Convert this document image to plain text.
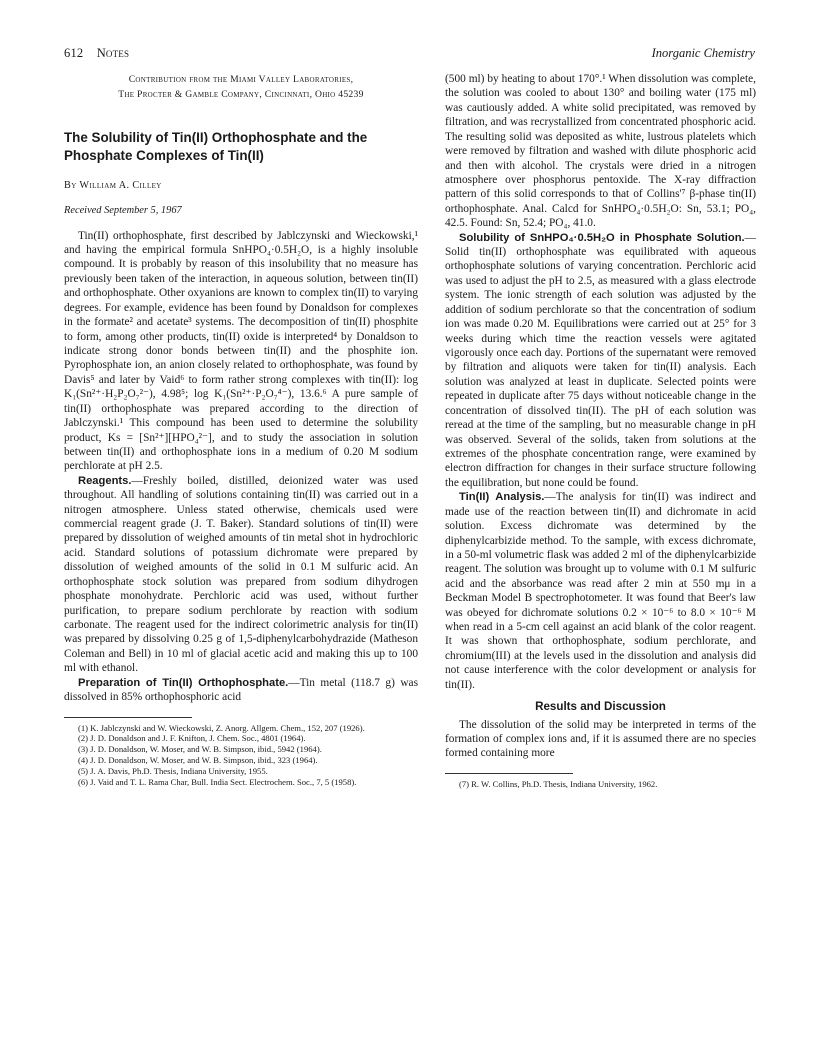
612 Notes	Inorganic Chemistry

Contribution from the Miami Valley Laboratories,

The Procter & Gamble Company, Cincinnati, Ohio 45239

The Solubility of Tin(II) Orthophosphate and the Phosphate Complexes of Tin(II)

By William A. Cilley

Received September 5, 1967

Tin(II) orthophosphate, first described by Jablczynski and Wieckowski,¹ and having the empirical formula SnHPO₄·0.5H₂O, is a highly insoluble compound. It is probably by reason of this insolubility that no measure has previously been taken of the interaction, in aqueous solution, between tin(II) and orthophosphate. Other oxyanions are known to complex tin(II) to varying degrees. For example, evidence has been found by Donaldson for complexes in the formate² and acetate³ systems. The decomposition of tin(II) phosphite to form, among other products, tin(II) oxide is interpreted⁴ by Donaldson to indicate strong donor bonds between tin(II) and the phosphite ion. Pyrophosphate ion, an anion closely related to orthophosphate, was found by Davis⁵ and later by Vaid⁶ to form rather strong complexes with tin(II): log K₁(Sn²⁺·H₂P₂O₇²⁻), 4.98⁵; log K₁(Sn²⁺·P₂O₇⁴⁻), 13.6.⁶ A pure sample of tin(II) orthophosphate was prepared according to the direction of Jablczynski.¹ This compound has been used to determine the solubility product, Ks = [Sn²⁺][HPO₄²⁻], and to study the association in solution between tin(II) and orthophosphate ions in a medium of 0.20 M sodium perchlorate at pH 2.5.

Reagents.—Freshly boiled, distilled, deionized water was used throughout. All handling of solutions containing tin(II) was carried out in a nitrogen atmosphere. Unless stated otherwise, chemicals used were commercial reagent grade (J. T. Baker). Standard solutions of tin(II) were prepared by dissolution of weighed amounts of tin metal shot in hydrochloric acid. Standard solutions of potassium dichromate were prepared by dissolution of weighed amounts of the solid in 0.1 M sulfuric acid. An orthophosphate stock solution was prepared from sodium dihydrogen phosphate monohydrate. Perchloric acid was used, without further purification, to prepare sodium perchlorate by reaction with sodium carbonate. The reagent used for the indirect colorimetric analysis for tin(II) was prepared by dissolving 0.25 g of 1,5-diphenylcarbohydrazide (Matheson Coleman and Bell) in 10 ml of glacial acetic acid and making this up to 100 ml with ethanol.

Preparation of Tin(II) Orthophosphate.—Tin metal (118.7 g) was dissolved in 85% orthophosphoric acid

(1) K. Jablczynski and W. Wieckowski, Z. Anorg. Allgem. Chem., 152, 207 (1926).

(2) J. D. Donaldson and J. F. Knifton, J. Chem. Soc., 4801 (1964).

(3) J. D. Donaldson, W. Moser, and W. B. Simpson, ibid., 5942 (1964).

(4) J. D. Donaldson, W. Moser, and W. B. Simpson, ibid., 323 (1964).

(5) J. A. Davis, Ph.D. Thesis, Indiana University, 1955.

(6) J. Vaid and T. L. Rama Char, Bull. India Sect. Electrochem. Soc., 7, 5 (1958).

(500 ml) by heating to about 170°.¹ When dissolution was complete, the solution was cooled to about 130° and boiling water (175 ml) was cautiously added. A white solid precipitated, was removed by filtration, and was recrystallized from concentrated phosphoric acid. The resulting solid was deposited as white, lustrous platelets which were removed by filtration and washed with dilute phosphoric acid and then with alcohol. The crystals were dried in a nitrogen atmosphere over phosphorus pentoxide. The X-ray diffraction pattern of this solid corresponds to that of Collins'⁷ β-phase tin(II) orthophosphate. Anal. Calcd for SnHPO₄·0.5H₂O: Sn, 53.1; PO₄, 42.5. Found: Sn, 52.4; PO₄, 41.0.

Solubility of SnHPO₄·0.5H₂O in Phosphate Solution.—Solid tin(II) orthophosphate was equilibrated with aqueous orthophosphate solutions of varying concentration. Perchloric acid was used to adjust the pH to 2.5, as measured with a glass electrode system. The ionic strength of each solution was adjusted by the addition of sodium perchlorate so that the concentration of sodium ion was made 0.20 M. Equilibrations were carried out at 25° for 3 weeks during which time the reaction vessels were agitated vigorously once each day. Portions of the supernatant were removed by filtration and aliquots were taken for tin(II) analysis. Each solution was analyzed at least in duplicate. Selected points were repeated in duplicate after 75 days without noticeable change in the concentration of dissolved tin(II). The pH of each solution was reread at the time of the sampling, but no measurable change in pH was observed. Several of the solids, taken from solutions at the extremes of the phosphate concentration range, were examined by electron diffraction for changes in their surface structure following the equilibration, but none could be found.

Tin(II) Analysis.—The analysis for tin(II) was indirect and made use of the reaction between tin(II) and dichromate in acid solution. Excess dichromate was determined by the diphenylcarbizide method. To the sample, with excess dichromate, in a 50-ml volumetric flask was added 2 ml of the diphenylcarbizide reagent. The solution was brought up to volume with 0.1 M sulfuric acid and the absorbance was read after 2 min at 550 mμ in a Beckman Model B spectrophotometer. It was found that Beer's law was obeyed for dichromate solutions 0.2 × 10⁻⁶ to 8.0 × 10⁻⁶ M when read in a 5-cm cell against an acid blank of the color reagent. It was shown that orthophosphate, sodium perchlorate, and chromium(III) at the levels used in the dissolution and analysis did not cause interference with the color development or analysis for tin(II).

Results and Discussion

The dissolution of the solid may be interpreted in terms of the formation of complex ions and, if it is assumed there are no species formed containing more

(7) R. W. Collins, Ph.D. Thesis, Indiana University, 1962.
